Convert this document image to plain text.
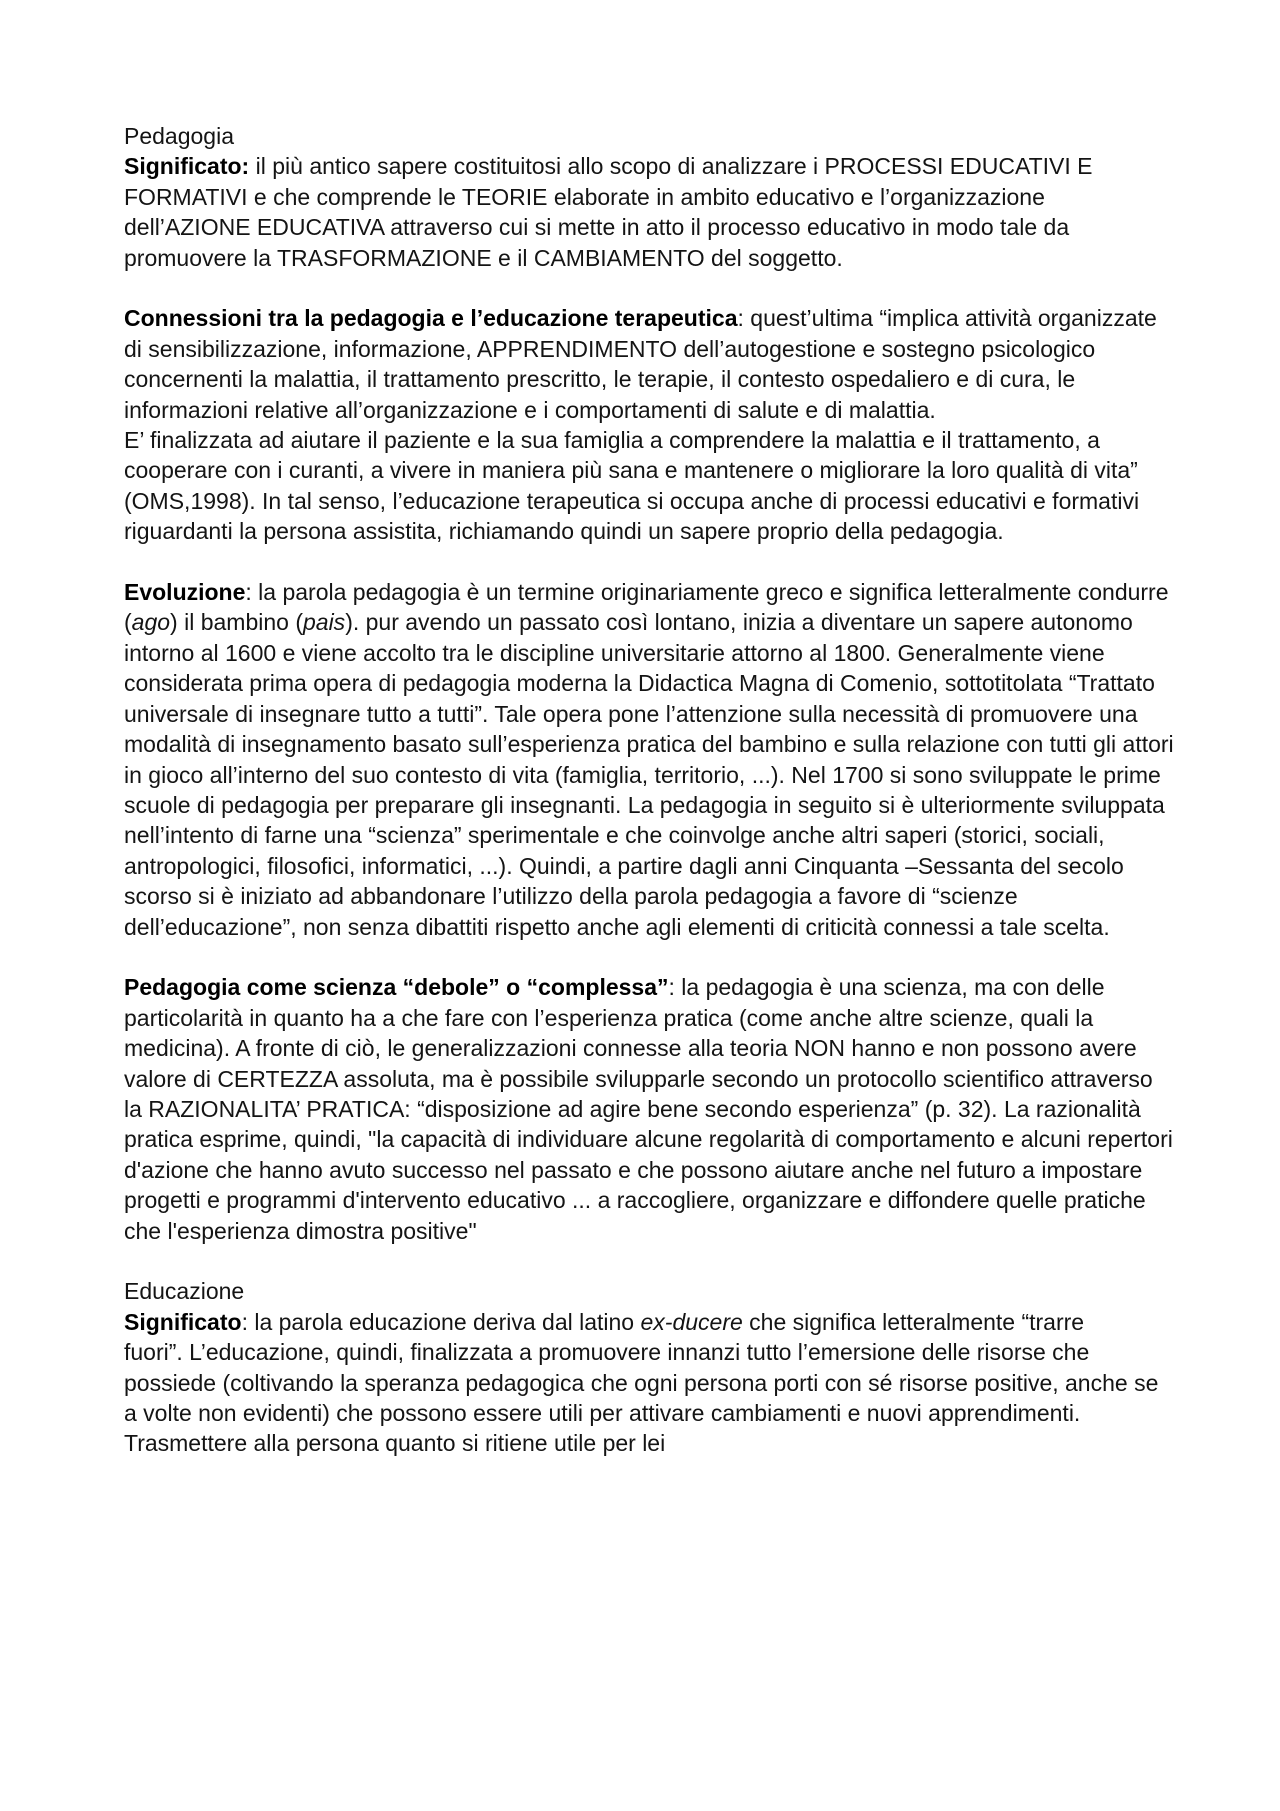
Pedagogia

Significato: il più antico sapere costituitosi allo scopo di analizzare i PROCESSI EDUCATIVI E FORMATIVI e che comprende le TEORIE elaborate in ambito educativo e l’organizzazione dell’AZIONE EDUCATIVA attraverso cui si mette in atto il processo educativo in modo tale da promuovere la TRASFORMAZIONE e il CAMBIAMENTO del soggetto.

Connessioni tra la pedagogia e l’educazione terapeutica: quest’ultima “implica attività organizzate di sensibilizzazione, informazione, APPRENDIMENTO dell’autogestione e sostegno psicologico concernenti la malattia, il trattamento prescritto, le terapie, il contesto ospedaliero e di cura, le informazioni relative all’organizzazione e i comportamenti di salute e di malattia.

E’ finalizzata ad aiutare il paziente e la sua famiglia a comprendere la malattia e il trattamento, a cooperare con i curanti, a vivere in maniera più sana e mantenere o migliorare la loro qualità di vita” (OMS,1998). In tal senso, l’educazione terapeutica si occupa anche di processi educativi e formativi riguardanti la persona assistita, richiamando quindi un sapere proprio della pedagogia.

Evoluzione: la parola pedagogia è un termine originariamente greco e significa letteralmente condurre (ago) il bambino (pais). pur avendo un passato così lontano, inizia a diventare un sapere autonomo intorno al 1600 e viene accolto tra le discipline universitarie attorno al 1800. Generalmente viene considerata prima opera di pedagogia moderna la Didactica Magna di Comenio, sottotitolata “Trattato universale di insegnare tutto a tutti”. Tale opera pone l’attenzione sulla necessità di promuovere una modalità di insegnamento basato sull’esperienza pratica del bambino e sulla relazione con tutti gli attori in gioco all’interno del suo contesto di vita (famiglia, territorio, ...). Nel 1700 si sono sviluppate le prime scuole di pedagogia per preparare gli insegnanti. La pedagogia in seguito si è ulteriormente sviluppata nell’intento di farne una “scienza” sperimentale e che coinvolge anche altri saperi (storici, sociali, antropologici, filosofici, informatici, ...). Quindi, a partire dagli anni Cinquanta –Sessanta del secolo scorso si è iniziato ad abbandonare l’utilizzo della parola pedagogia a favore di “scienze dell’educazione”, non senza dibattiti rispetto anche agli elementi di criticità connessi a tale scelta.

Pedagogia come scienza “debole” o “complessa”: la pedagogia è una scienza, ma con delle particolarità in quanto ha a che fare con l’esperienza pratica (come anche altre scienze, quali la medicina). A fronte di ciò, le generalizzazioni connesse alla teoria NON hanno e non possono avere valore di CERTEZZA assoluta, ma è possibile svilupparle secondo un protocollo scientifico attraverso la RAZIONALITA’ PRATICA: “disposizione ad agire bene secondo esperienza” (p. 32). La razionalità pratica esprime, quindi, "la capacità di individuare alcune regolarità di comportamento e alcuni repertori d'azione che hanno avuto successo nel passato e che possono aiutare anche nel futuro a impostare progetti e programmi d'intervento educativo ... a raccogliere, organizzare e diffondere quelle pratiche che l'esperienza dimostra positive"

Educazione

Significato: la parola educazione deriva dal latino ex-ducere che significa letteralmente “trarre

fuori”. L’educazione, quindi, finalizzata a promuovere innanzi tutto l’emersione delle risorse che possiede (coltivando la speranza pedagogica che ogni persona porti con sé risorse positive, anche se a volte non evidenti) che possono essere utili per attivare cambiamenti e nuovi apprendimenti. Trasmettere alla persona quanto si ritiene utile per lei
